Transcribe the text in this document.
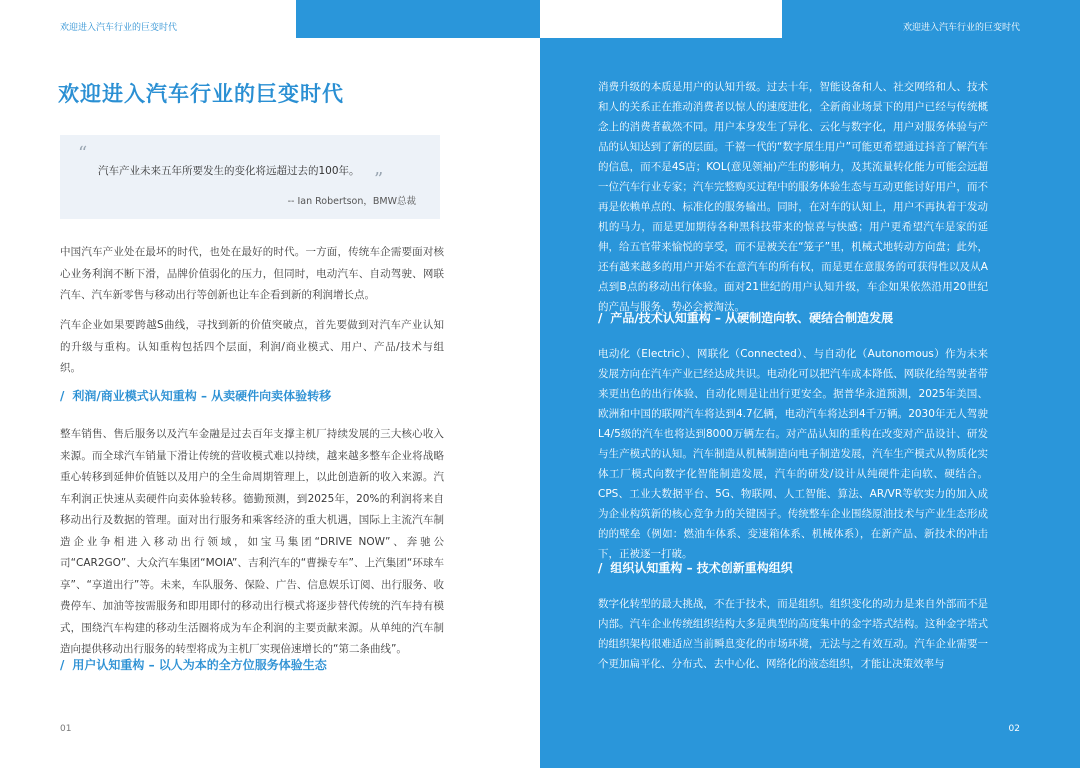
欢迎进入汽车行业的巨变时代	欢迎进入汽车行业的巨变时代
欢迎进入汽车行业的巨变时代
“
汽车产业未来五年所要发生的变化将远超过去的100年。 ”
-- Ian Robertson，BMW总裁
中国汽车产业处在最坏的时代，也处在最好的时代。一方面，传统车企需要面对核心业务利润不断下滑，品牌价值弱化的压力，但同时，电动汽车、自动驾驶、网联汽车、汽车新零售与移动出行等创新也让车企看到新的利润增长点。
汽车企业如果要跨越S曲线，寻找到新的价值突破点，首先要做到对汽车产业认知的升级与重构。认知重构包括四个层面，利润/商业模式、用户、产品/技术与组织。
/ 利润/商业模式认知重构 – 从卖硬件向卖体验转移
整车销售、售后服务以及汽车金融是过去百年支撑主机厂持续发展的三大核心收入来源。而全球汽车销量下滑让传统的营收模式难以持续，越来越多整车企业将战略重心转移到延伸价值链以及用户的全生命周期管理上，以此创造新的收入来源。汽车利润正快速从卖硬件向卖体验转移。德勤预测，到2025年，20%的利润将来自移动出行及数据的管理。面对出行服务和乘客经济的重大机遇，国际上主流汽车制造企业争相进入移动出行领域，如宝马集团“DRIVE NOW”、奔驰公司“CAR2GO”、大众汽车集团“MOIA”、吉利汽车的“曹操专车”、上汽集团“环球车享”、“享道出行”等。未来，车队服务、保险、广告、信息娱乐订阅、出行服务、收费停车、加油等按需服务和即用即付的移动出行模式将逐步替代传统的汽车持有模式，围绕汽车构建的移动生活圈将成为车企利润的主要贡献来源。从单纯的汽车制造向提供移动出行服务的转型将成为主机厂实现倍速增长的“第二条曲线”。
/ 用户认知重构 – 以人为本的全方位服务体验生态
消费升级的本质是用户的认知升级。过去十年，智能设备和人、社交网络和人、技术和人的关系正在推动消费者以惊人的速度进化，全新商业场景下的用户已经与传统概念上的消费者截然不同。用户本身发生了异化、云化与数字化，用户对服务体验与产品的认知达到了新的层面。千禧一代的“数字原生用户”可能更希望通过抖音了解汽车的信息，而不是4S店；KOL(意见领袖)产生的影响力，及其流量转化能力可能会远超一位汽车行业专家；汽车完整购买过程中的服务体验生态与互动更能讨好用户，而不再是依赖单点的、标准化的服务输出。同时，在对车的认知上，用户不再执着于发动机的马力，而是更加期待各种黑科技带来的惊喜与快感；用户更希望汽车是家的延伸，给五官带来愉悦的享受，而不是被关在“笼子”里，机械式地转动方向盘；此外，还有越来越多的用户开始不在意汽车的所有权，而是更在意服务的可获得性以及从A点到B点的移动出行体验。面对21世纪的用户认知升级，车企如果依然沿用20世纪的产品与服务，势必会被淘汰。
/ 产品/技术认知重构 – 从硬制造向软、硬结合制造发展
电动化（Electric）、网联化（Connected）、与自动化（Autonomous）作为未来发展方向在汽车产业已经达成共识。电动化可以把汽车成本降低、网联化给驾驶者带来更出色的出行体验、自动化则是让出行更安全。据普华永道预测，2025年美国、欧洲和中国的联网汽车将达到4.7亿辆，电动汽车将达到4千万辆。2030年无人驾驶L4/5级的汽车也将达到8000万辆左右。对产品认知的重构在改变对产品设计、研发与生产模式的认知。汽车制造从机械制造向电子制造发展，汽车生产模式从物质化实体工厂模式向数字化智能制造发展，汽车的研发/设计从纯硬件走向软、硬结合。CPS、工业大数据平台、5G、物联网、人工智能、算法、AR/VR等软实力的加入成为企业构筑新的核心竞争力的关键因子。传统整车企业围绕原油技术与产业生态形成的的壁垒（例如：燃油车体系、变速箱体系、机械体系），在新产品、新技术的冲击下，正被逐一打破。
/ 组织认知重构 – 技术创新重构组织
数字化转型的最大挑战，不在于技术，而是组织。组织变化的动力是来自外部而不是内部。汽车企业传统组织结构大多是典型的高度集中的金字塔式结构。这种金字塔式的组织架构很难适应当前瞬息变化的市场环境，无法与之有效互动。汽车企业需要一个更加扁平化、分布式、去中心化、网络化的液态组织，才能让决策效率与
01	02
